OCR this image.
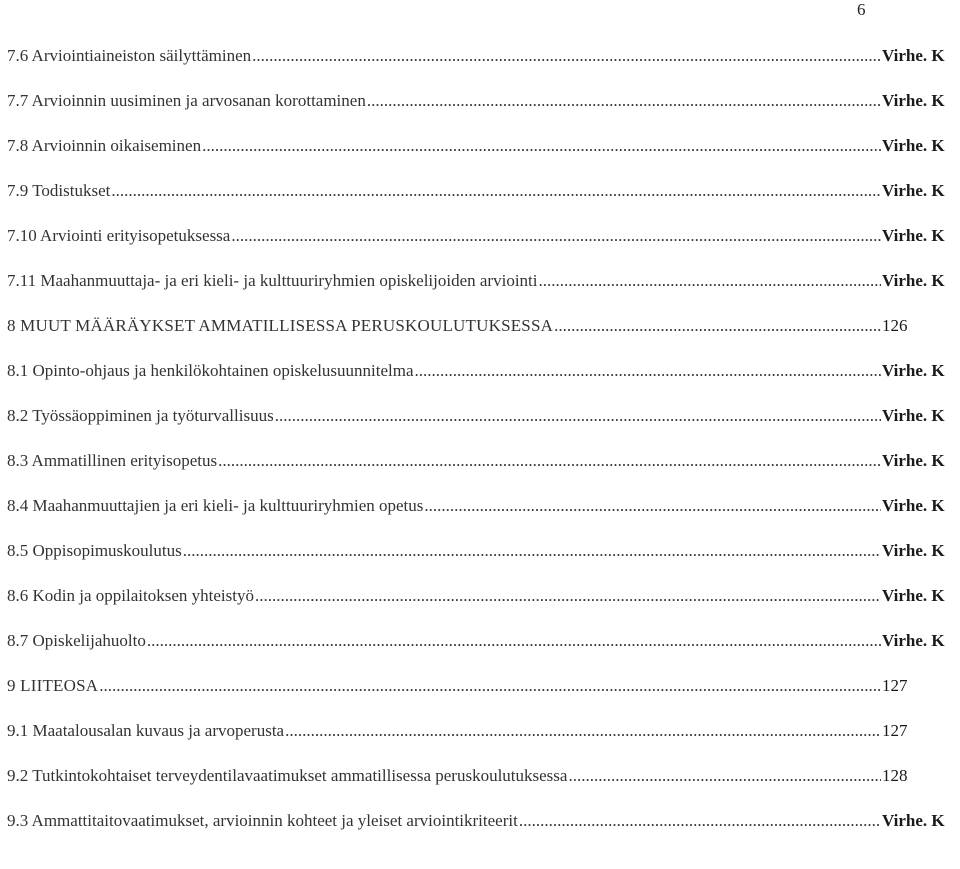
6
7.6 Arviointiaineiston säilyttäminen .....	Virhe. K
7.7 Arvioinnin uusiminen ja arvosanan korottaminen .....	Virhe. K
7.8 Arvioinnin oikaiseminen .....	Virhe. K
7.9 Todistukset .....	Virhe. K
7.10 Arviointi erityisopetuksessa .....	Virhe. K
7.11 Maahanmuuttaja- ja eri kieli- ja kulttuuriryhmien opiskelijoiden arviointi .....	Virhe. K
8 MUUT MÄÄRÄYKSET AMMATILLISESSA PERUSKOULUTUKSESSA .....	126
8.1 Opinto-ohjaus ja henkilökohtainen opiskelusuunnitelma .....	Virhe. K
8.2 Työssäoppiminen ja työturvallisuus .....	Virhe. K
8.3 Ammatillinen erityisopetus .....	Virhe. K
8.4 Maahanmuuttajien ja eri kieli- ja kulttuuriryhmien opetus .....	Virhe. K
8.5 Oppisopimuskoulutus .....	Virhe. K
8.6 Kodin ja oppilaitoksen yhteistyö .....	Virhe. K
8.7 Opiskelijahuolto .....	Virhe. K
9 LIITEOSA .....	127
9.1 Maatalousalan kuvaus ja arvoperusta .....	127
9.2 Tutkintokohtaiset terveydentilavaatimukset ammatillisessa peruskoulutuksessa .....	128
9.3 Ammattitaitovaatimukset, arvioinnin kohteet ja yleiset arviointikriteerit .....	Virhe. K
